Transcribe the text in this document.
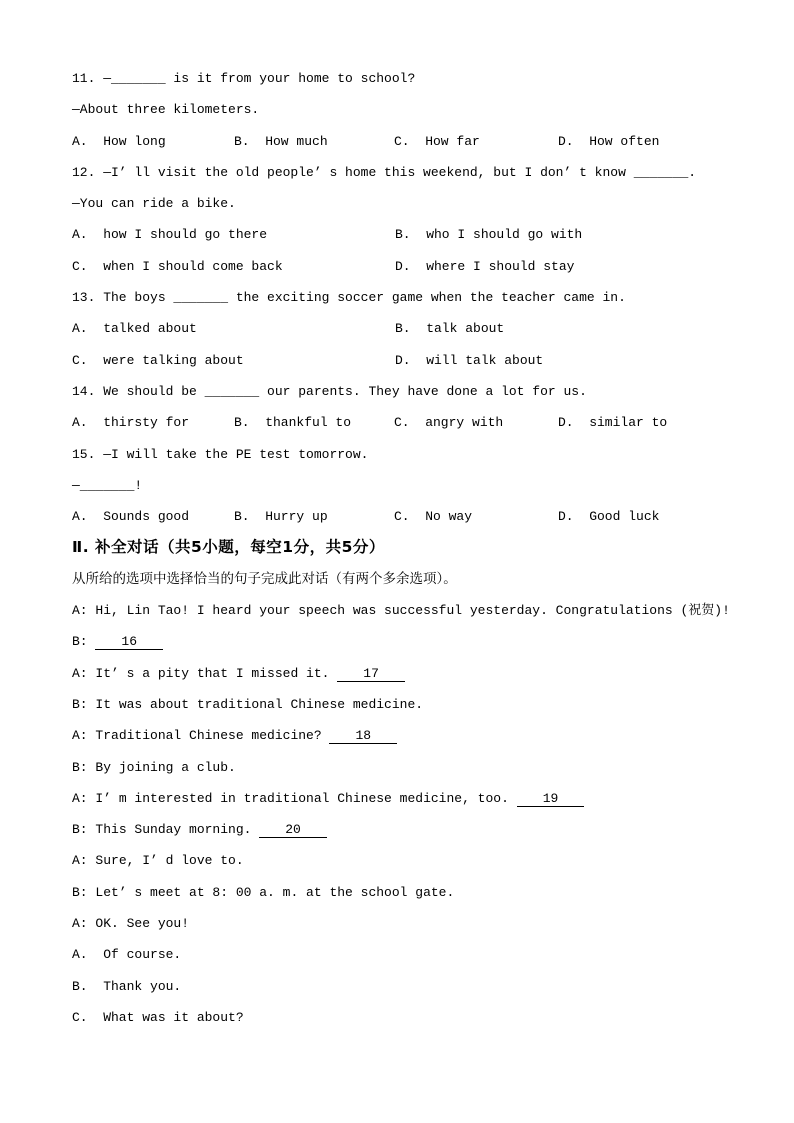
11. —_______ is it from your home to school?
—About three kilometers.
A.  How long	B.  How much	C.  How far	D.  How often
12. —I’ ll visit the old people’ s home this weekend, but I don’ t know _______.
—You can ride a bike.
A.  how I should go there	B.  who I should go with
C.  when I should come back	D.  where I should stay
13. The boys _______ the exciting soccer game when the teacher came in.
A.  talked about	B.  talk about
C.  were talking about	D.  will talk about
14. We should be _______ our parents. They have done a lot for us.
A.  thirsty for	B.  thankful to	C.  angry with	D.  similar to
15. —I will take the PE test tomorrow.
—_______!
A.  Sounds good	B.  Hurry up	C.  No way	D.  Good luck
Ⅱ. 补全对话（共5小题，每空1分，共5分）
从所给的选项中选择恰当的句子完成此对话（有两个多余选项）。
A: Hi, Lin Tao! I heard your speech was successful yesterday. Congratulations (祝贺)!
B:	16
A: It’ s a pity that I missed it.	17
B: It was about traditional Chinese medicine.
A: Traditional Chinese medicine?	18
B: By joining a club.
A: I’ m interested in traditional Chinese medicine, too.	19
B: This Sunday morning.	20
A: Sure, I’ d love to.
B: Let’ s meet at 8: 00 a. m. at the school gate.
A: OK. See you!
A.  Of course.
B.  Thank you.
C.  What was it about?
